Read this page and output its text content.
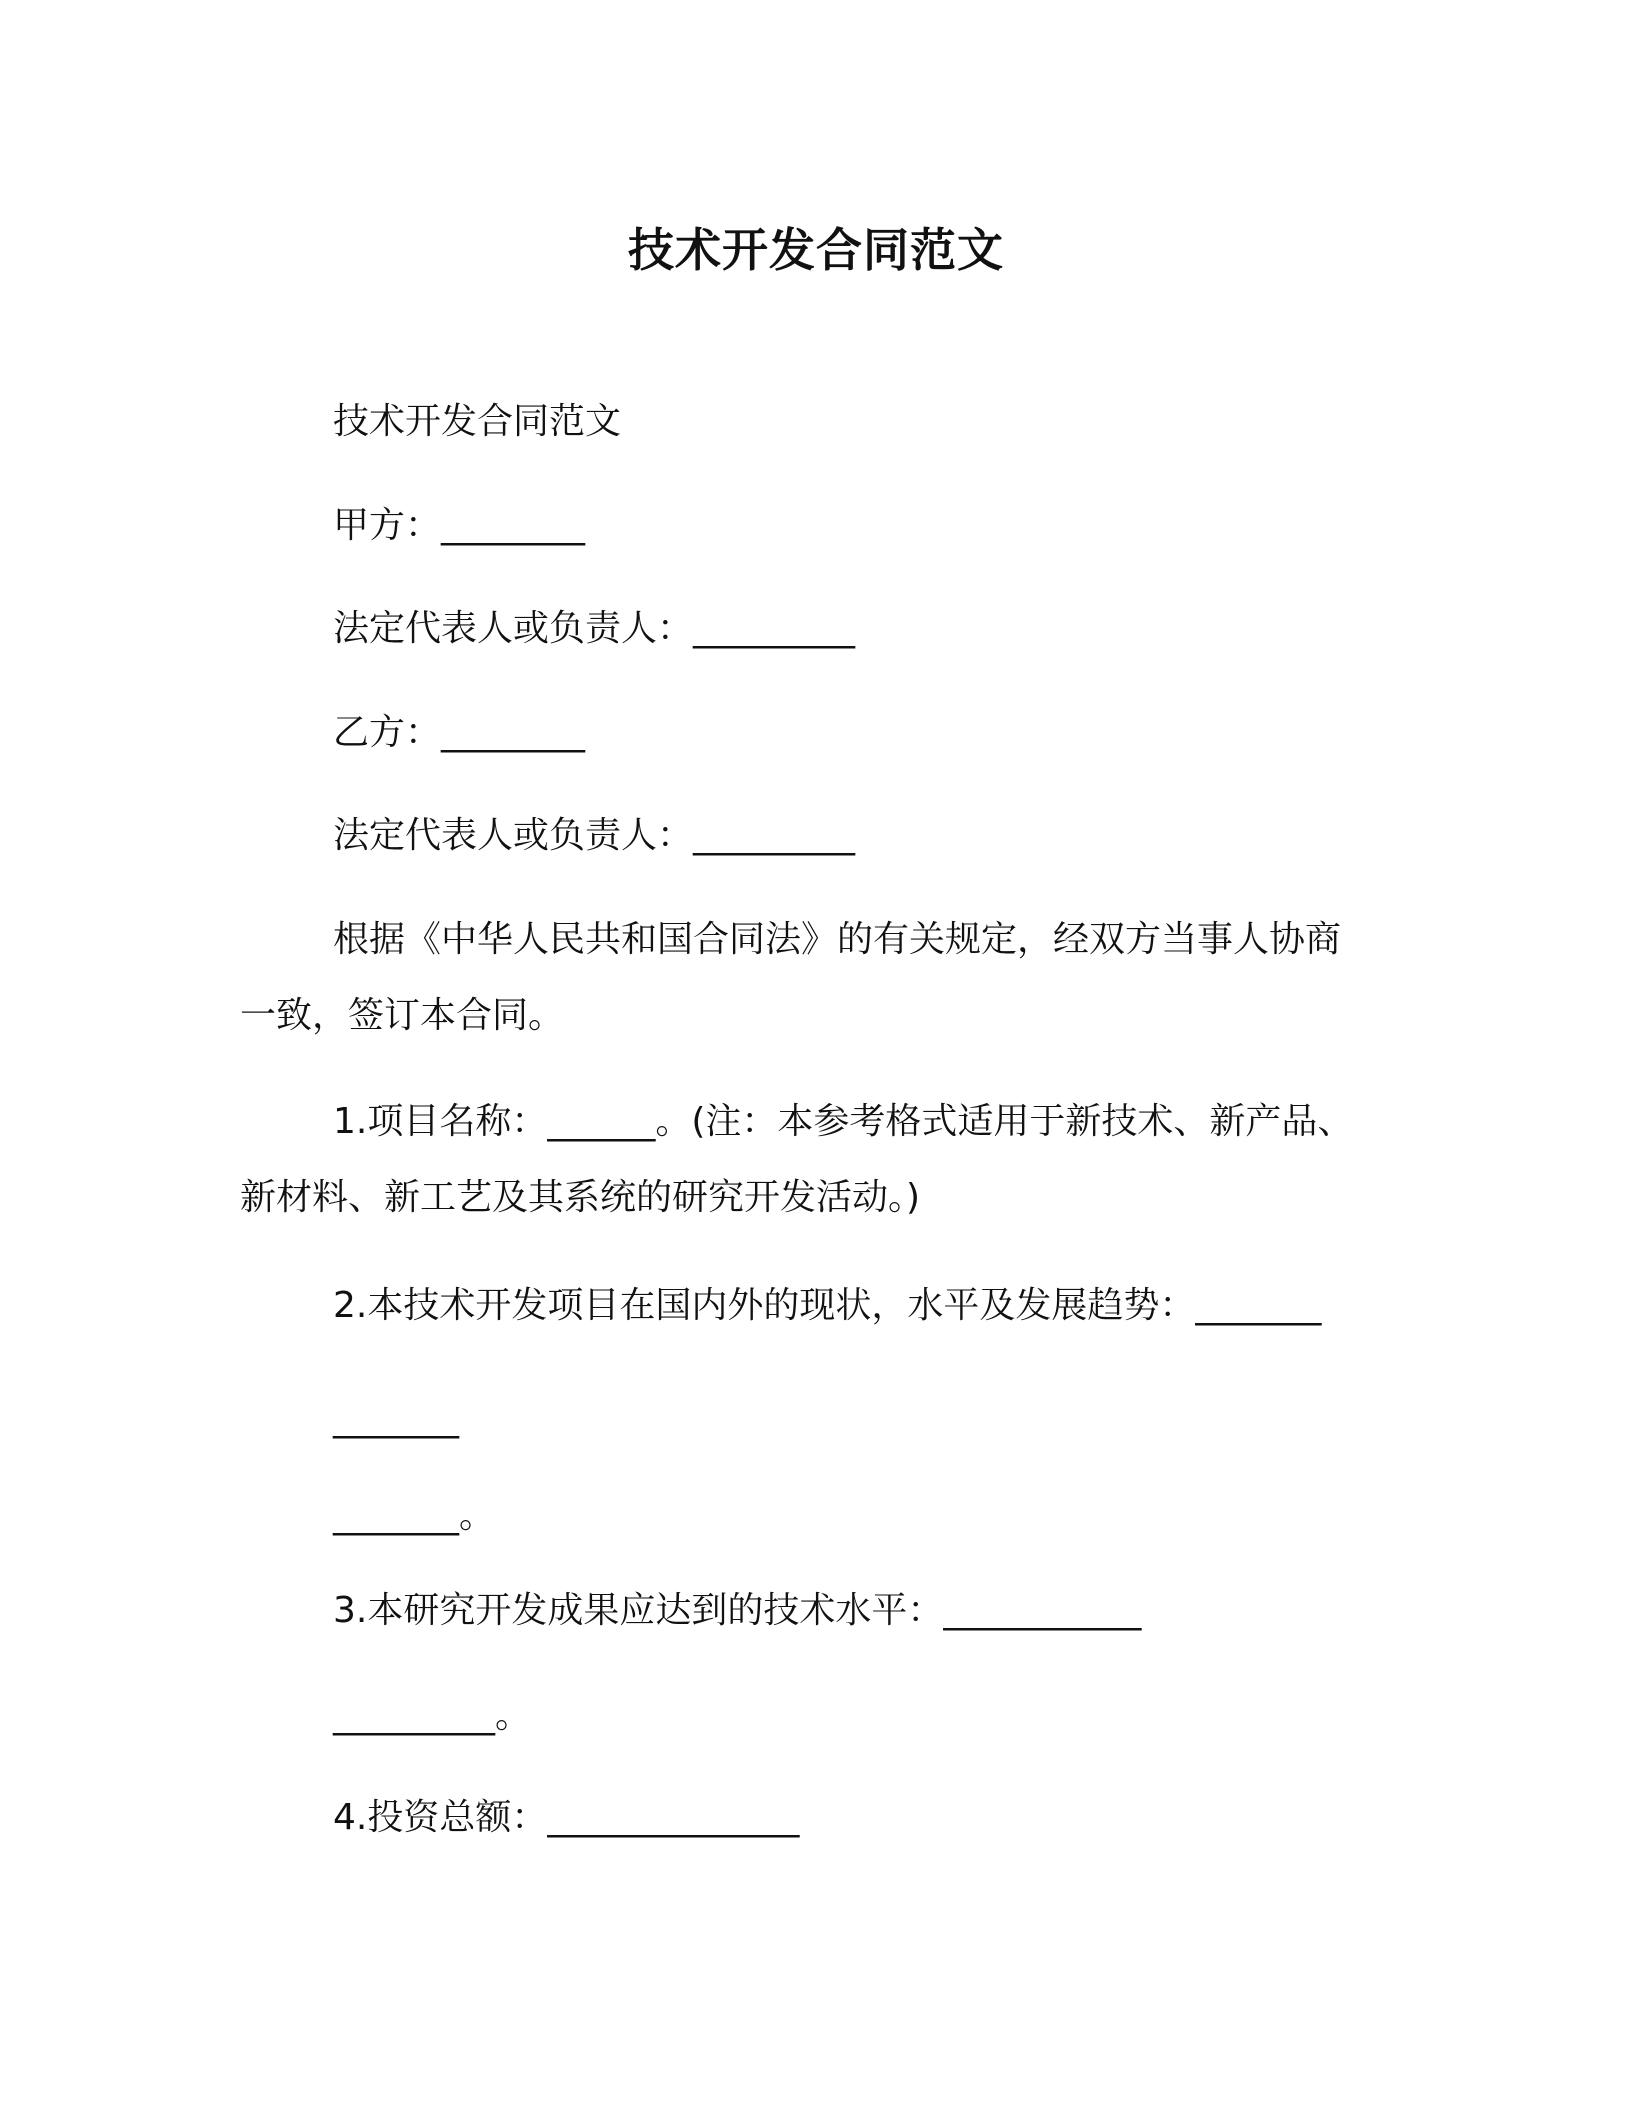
技术开发合同范文
技术开发合同范文
甲方：________
法定代表人或负责人：_________
乙方：________
法定代表人或负责人：_________
根据《中华人民共和国合同法》的有关规定，经双方当事人协商
一致，签订本合同。
1.项目名称：______。(注：本参考格式适用于新技术、新产品、
新材料、新工艺及其系统的研究开发活动。)
2.本技术开发项目在国内外的现状，水平及发展趋势：_______
_______
_______。
3.本研究开发成果应达到的技术水平：___________
_________。
4.投资总额：______________
